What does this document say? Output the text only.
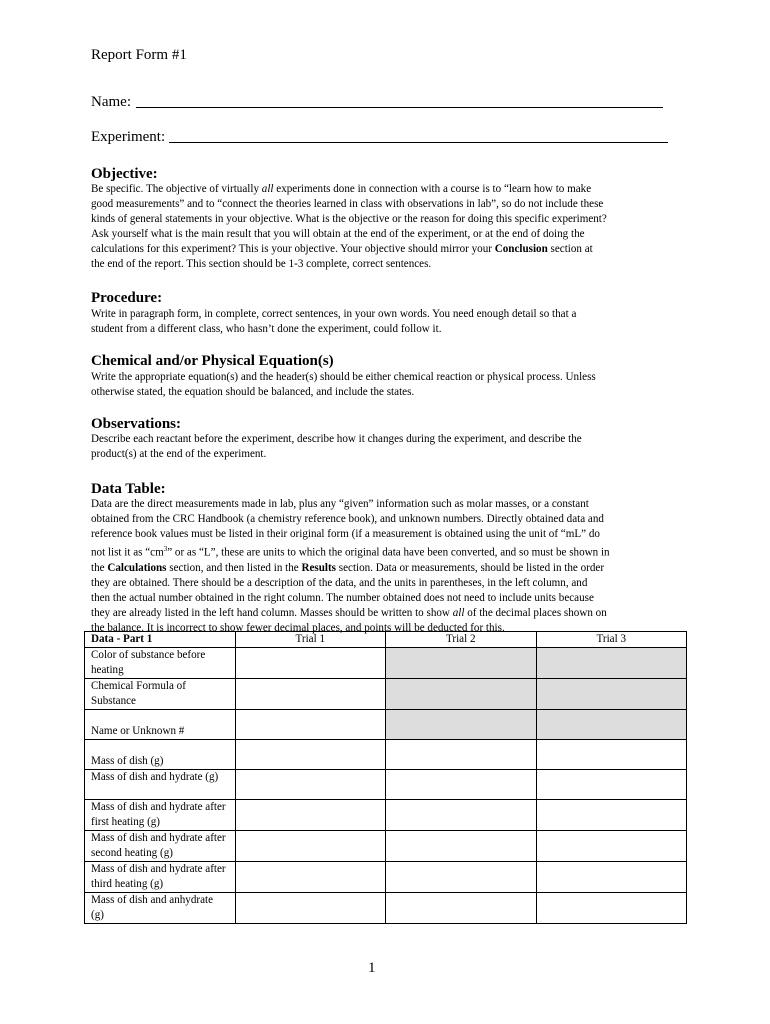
Report Form #1
Name:
Experiment:
Objective:

Be specific. The objective of virtually all experiments done in connection with a course is to “learn how to make

good measurements” and to “connect the theories learned in class with observations in lab”, so do not include these

kinds of general statements in your objective. What is the objective or the reason for doing this specific experiment?

Ask yourself what is the main result that you will obtain at the end of the experiment, or at the end of doing the

calculations for this experiment? This is your objective. Your objective should mirror your Conclusion section at

the end of the report. This section should be 1-3 complete, correct sentences.

Procedure:

Write in paragraph form, in complete, correct sentences, in your own words. You need enough detail so that a

student from a different class, who hasn’t done the experiment, could follow it.

Chemical and/or Physical Equation(s)

Write the appropriate equation(s) and the header(s) should be either chemical reaction or physical process. Unless

otherwise stated, the equation should be balanced, and include the states.

Observations:

Describe each reactant before the experiment, describe how it changes during the experiment, and describe the

product(s) at the end of the experiment.

Data Table:

Data are the direct measurements made in lab, plus any “given” information such as molar masses, or a constant

obtained from the CRC Handbook (a chemistry reference book), and unknown numbers. Directly obtained data and

reference book values must be listed in their original form (if a measurement is obtained using the unit of “mL” do

not list it as “$cm^3$” or as “L”, these are units to which the original data have been converted, and so must be shown in

the Calculations section, and then listed in the Results section. Data or measurements, should be listed in the order

they are obtained. There should be a description of the data, and the units in parentheses, in the left column, and

then the actual number obtained in the right column. The number obtained does not need to include units because

they are already listed in the left hand column. Masses should be written to show all of the decimal places shown on

the balance. It is incorrect to show fewer decimal places, and points will be deducted for this.

Data - Part 1	Trial 1	Trial 2	Trial 3
Color of substance before heating			
Chemical Formula of Substance			
Name or Unknown #			
Mass of dish (g)			
Mass of dish and hydrate (g)			
Mass of dish and hydrate after first heating (g)			
Mass of dish and hydrate after second heating (g)			
Mass of dish and hydrate after third heating (g)			
Mass of dish and anhydrate (g)			
1
